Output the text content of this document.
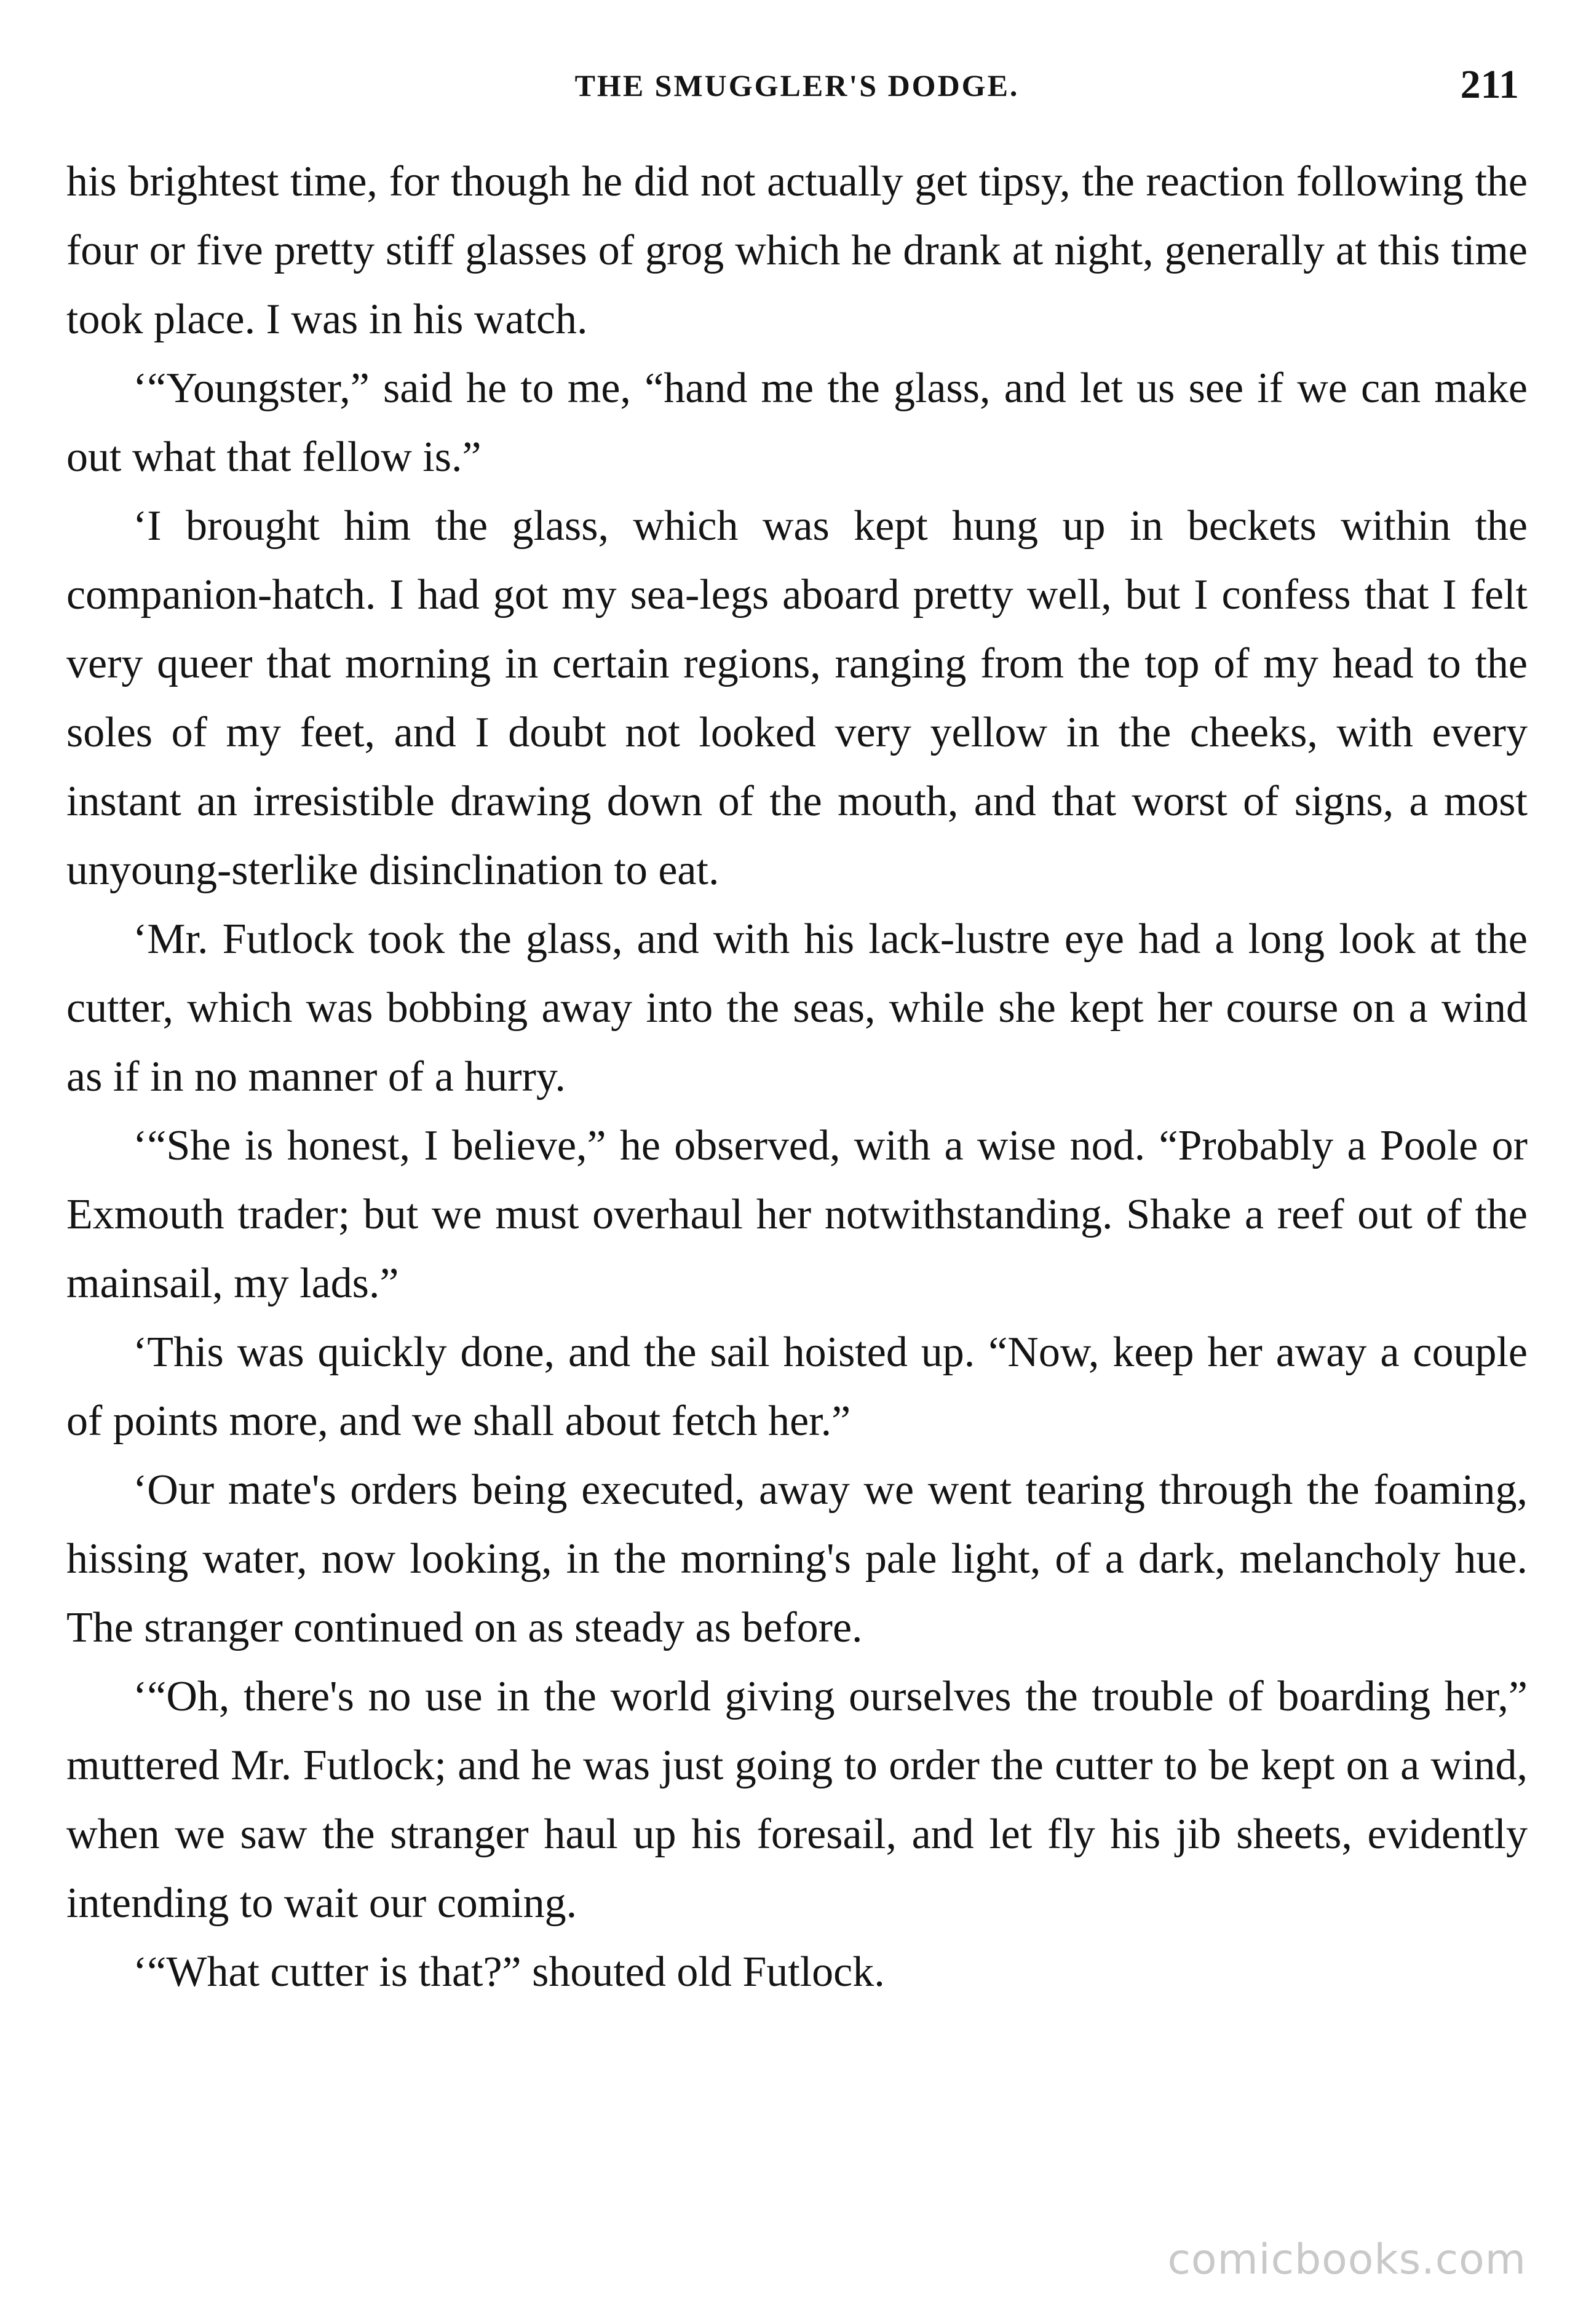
THE SMUGGLER'S DODGE.	211

his brightest time, for though he did not actually get tipsy, the reaction following the four or five pretty stiff glasses of grog which he drank at night, generally at this time took place. I was in his watch.

‘“Youngster,” said he to me, “hand me the glass, and let us see if we can make out what that fellow is.”

‘I brought him the glass, which was kept hung up in beckets within the companion-hatch. I had got my sea-legs aboard pretty well, but I confess that I felt very queer that morning in certain regions, ranging from the top of my head to the soles of my feet, and I doubt not looked very yellow in the cheeks, with every instant an irresistible drawing down of the mouth, and that worst of signs, a most unyoung-sterlike disinclination to eat.

‘Mr. Futlock took the glass, and with his lack-lustre eye had a long look at the cutter, which was bobbing away into the seas, while she kept her course on a wind as if in no manner of a hurry.

‘“She is honest, I believe,” he observed, with a wise nod. “Probably a Poole or Exmouth trader; but we must overhaul her notwithstanding. Shake a reef out of the mainsail, my lads.”

‘This was quickly done, and the sail hoisted up. “Now, keep her away a couple of points more, and we shall about fetch her.”

‘Our mate's orders being executed, away we went tearing through the foaming, hissing water, now looking, in the morning's pale light, of a dark, melancholy hue. The stranger continued on as steady as before.

‘“Oh, there's no use in the world giving ourselves the trouble of boarding her,” muttered Mr. Futlock; and he was just going to order the cutter to be kept on a wind, when we saw the stranger haul up his foresail, and let fly his jib sheets, evidently intending to wait our coming.

‘“What cutter is that?” shouted old Futlock.

comicbooks.com
